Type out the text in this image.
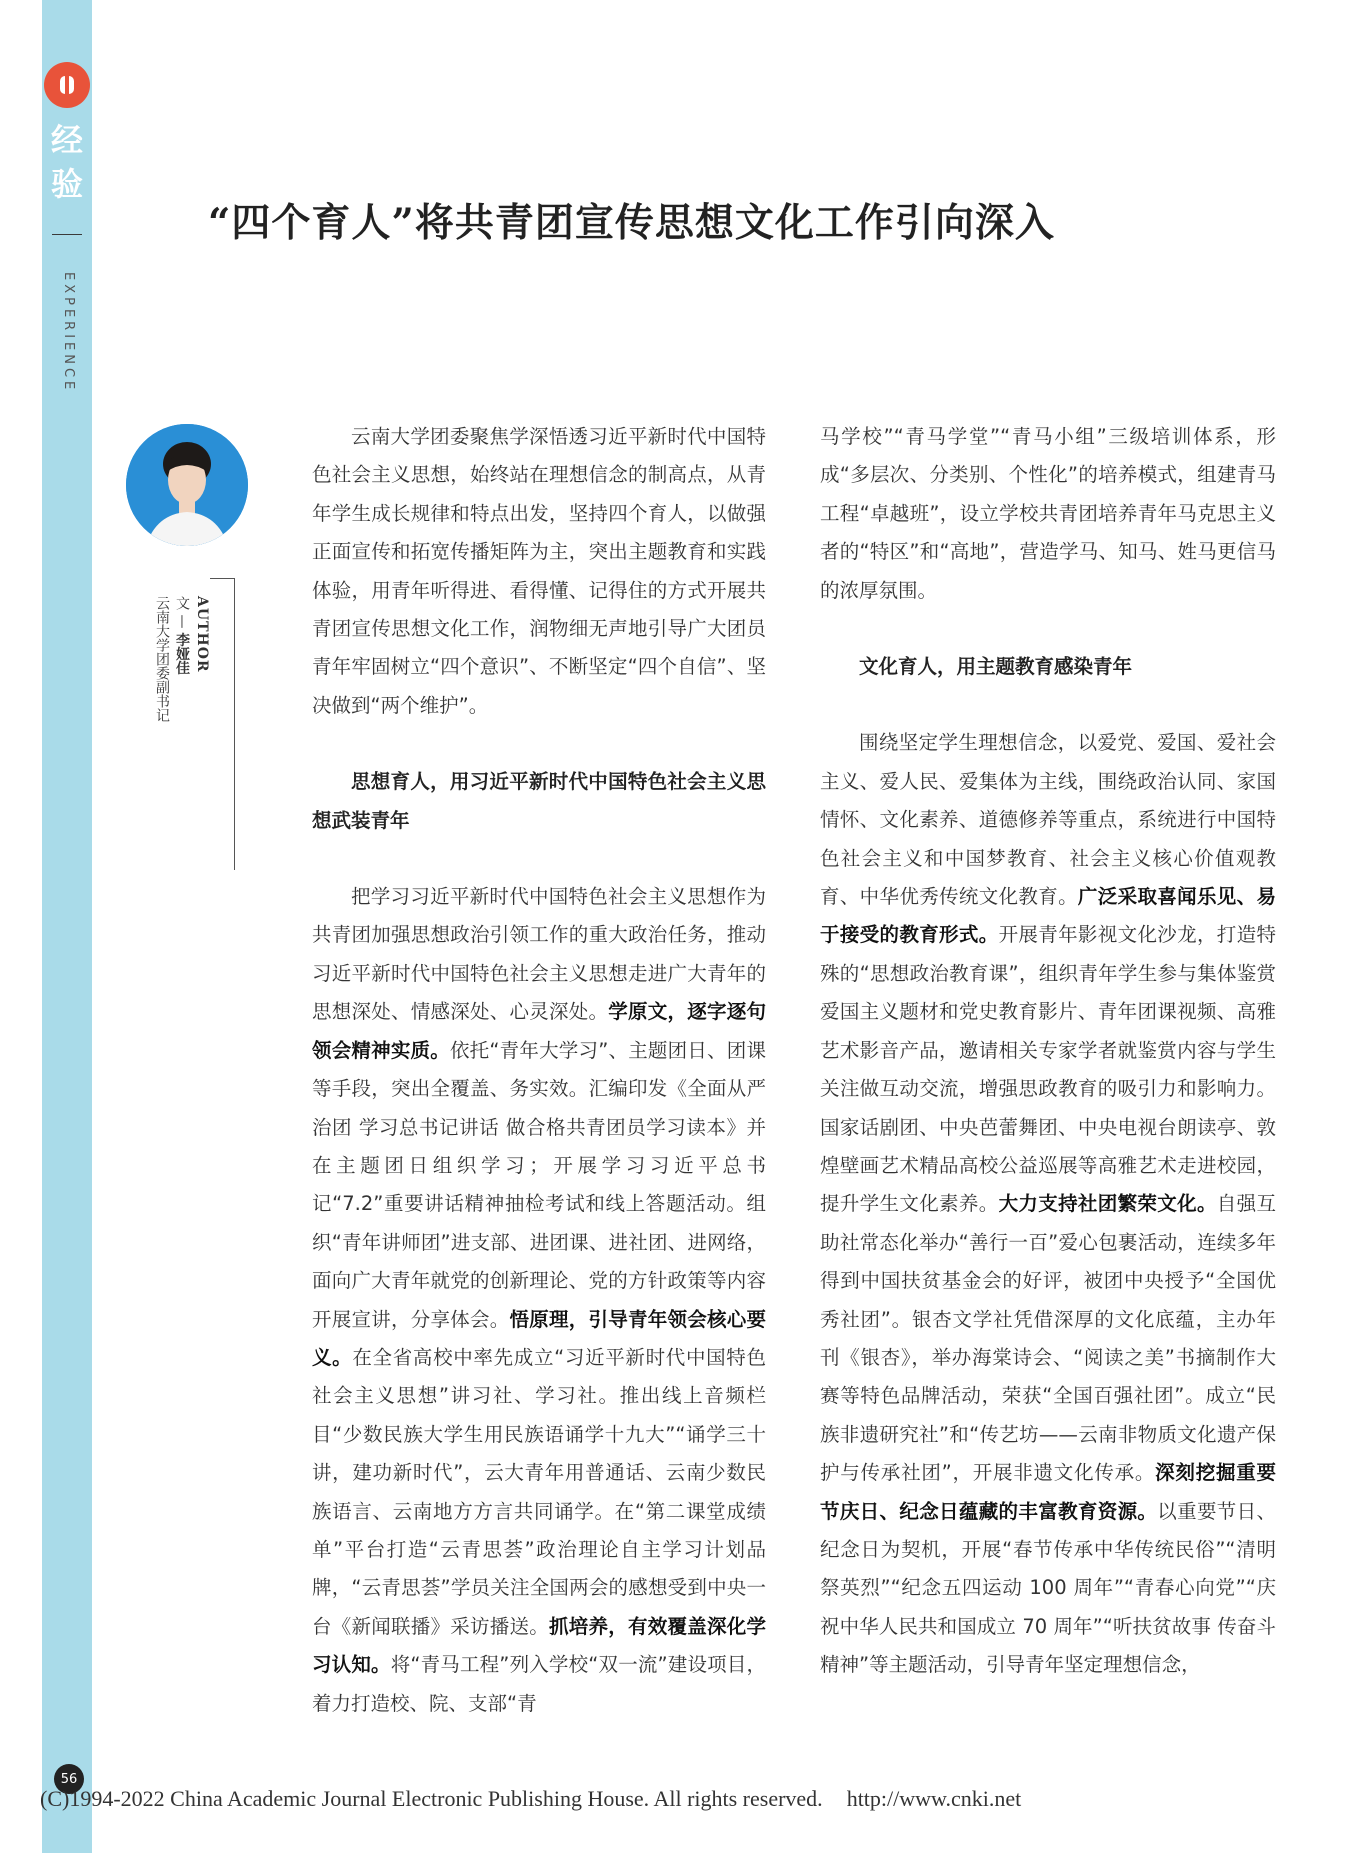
经
验
EXPERIENCE
“四个育人”将共青团宣传思想文化工作引向深入
AUTHOR
文 — 李娅佳
云南大学团委副书记

云南大学团委聚焦学深悟透习近平新时代中国特色社会主义思想，始终站在理想信念的制高点，从青年学生成长规律和特点出发，坚持四个育人，以做强正面宣传和拓宽传播矩阵为主，突出主题教育和实践体验，用青年听得进、看得懂、记得住的方式开展共青团宣传思想文化工作，润物细无声地引导广大团员青年牢固树立“四个意识”、不断坚定“四个自信”、坚决做到“两个维护”。

思想育人，用习近平新时代中国特色社会主义思想武装青年

把学习习近平新时代中国特色社会主义思想作为共青团加强思想政治引领工作的重大政治任务，推动习近平新时代中国特色社会主义思想走进广大青年的思想深处、情感深处、心灵深处。学原文，逐字逐句领会精神实质。依托“青年大学习”、主题团日、团课等手段，突出全覆盖、务实效。汇编印发《全面从严治团 学习总书记讲话 做合格共青团员学习读本》并在主题团日组织学习；开展学习习近平总书记“7.2”重要讲话精神抽检考试和线上答题活动。组织“青年讲师团”进支部、进团课、进社团、进网络，面向广大青年就党的创新理论、党的方针政策等内容开展宣讲，分享体会。悟原理，引导青年领会核心要义。在全省高校中率先成立“习近平新时代中国特色社会主义思想”讲习社、学习社。推出线上音频栏目“少数民族大学生用民族语诵学十九大”“诵学三十讲，建功新时代”，云大青年用普通话、云南少数民族语言、云南地方方言共同诵学。在“第二课堂成绩单”平台打造“云青思荟”政治理论自主学习计划品牌，“云青思荟”学员关注全国两会的感想受到中央一台《新闻联播》采访播送。抓培养，有效覆盖深化学习认知。将“青马工程”列入学校“双一流”建设项目，着力打造校、院、支部“青

马学校”“青马学堂”“青马小组”三级培训体系，形成“多层次、分类别、个性化”的培养模式，组建青马工程“卓越班”，设立学校共青团培养青年马克思主义者的“特区”和“高地”，营造学马、知马、姓马更信马的浓厚氛围。

文化育人，用主题教育感染青年

围绕坚定学生理想信念，以爱党、爱国、爱社会主义、爱人民、爱集体为主线，围绕政治认同、家国情怀、文化素养、道德修养等重点，系统进行中国特色社会主义和中国梦教育、社会主义核心价值观教育、中华优秀传统文化教育。广泛采取喜闻乐见、易于接受的教育形式。开展青年影视文化沙龙，打造特殊的“思想政治教育课”，组织青年学生参与集体鉴赏爱国主义题材和党史教育影片、青年团课视频、高雅艺术影音产品，邀请相关专家学者就鉴赏内容与学生关注做互动交流，增强思政教育的吸引力和影响力。国家话剧团、中央芭蕾舞团、中央电视台朗读亭、敦煌壁画艺术精品高校公益巡展等高雅艺术走进校园，提升学生文化素养。大力支持社团繁荣文化。自强互助社常态化举办“善行一百”爱心包裹活动，连续多年得到中国扶贫基金会的好评，被团中央授予“全国优秀社团”。银杏文学社凭借深厚的文化底蕴，主办年刊《银杏》，举办海棠诗会、“阅读之美”书摘制作大赛等特色品牌活动，荣获“全国百强社团”。成立“民族非遗研究社”和“传艺坊——云南非物质文化遗产保护与传承社团”，开展非遗文化传承。深刻挖掘重要节庆日、纪念日蕴藏的丰富教育资源。以重要节日、纪念日为契机，开展“春节传承中华传统民俗”“清明祭英烈”“纪念五四运动 100 周年”“青春心向党”“庆祝中华人民共和国成立 70 周年”“听扶贫故事 传奋斗精神”等主题活动，引导青年坚定理想信念，

56
(C)1994-2022 China Academic Journal Electronic Publishing House. All rights reserved. http://www.cnki.net
